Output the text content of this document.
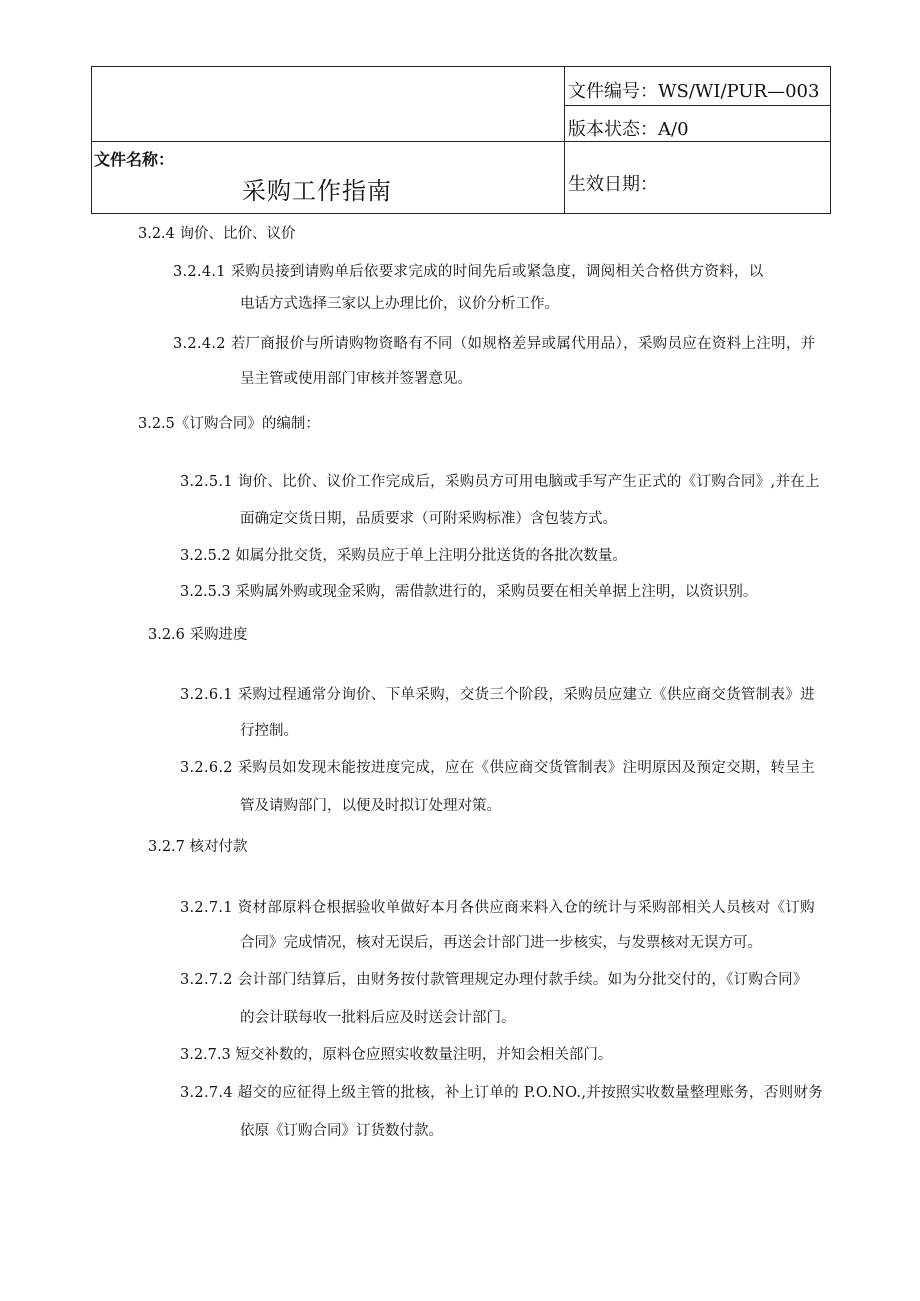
文件编号：WS/WI/PUR—003
版本状态：A/0
生效日期：
文件名称：
采购工作指南
3.2.4 询价、比价、议价
3.2.4.1 采购员接到请购单后依要求完成的时间先后或紧急度，调阅相关合格供方资料，以
电话方式选择三家以上办理比价，议价分析工作。
3.2.4.2 若厂商报价与所请购物资略有不同（如规格差异或属代用品），采购员应在资料上注明，并
呈主管或使用部门审核并签署意见。
3.2.5《订购合同》的编制：
3.2.5.1 询价、比价、议价工作完成后，采购员方可用电脑或手写产生正式的《订购合同》,并在上
面确定交货日期，品质要求（可附采购标准）含包装方式。
3.2.5.2 如属分批交货，采购员应于单上注明分批送货的各批次数量。
3.2.5.3 采购属外购或现金采购，需借款进行的，采购员要在相关单据上注明，以资识别。
3.2.6 采购进度
3.2.6.1 采购过程通常分询价、下单采购，交货三个阶段，采购员应建立《供应商交货管制表》进
行控制。
3.2.6.2 采购员如发现未能按进度完成，应在《供应商交货管制表》注明原因及预定交期，转呈主
管及请购部门，以便及时拟订处理对策。
3.2.7 核对付款
3.2.7.1 资材部原料仓根据验收单做好本月各供应商来料入仓的统计与采购部相关人员核对《订购
合同》完成情况，核对无误后，再送会计部门进一步核实，与发票核对无误方可。
3.2.7.2 会计部门结算后，由财务按付款管理规定办理付款手续。如为分批交付的，《订购合同》
的会计联每收一批料后应及时送会计部门。
3.2.7.3 短交补数的，原料仓应照实收数量注明，并知会相关部门。
3.2.7.4 超交的应征得上级主管的批核，补上订单的 P.O.NO.,并按照实收数量整理账务，否则财务
依原《订购合同》订货数付款。
